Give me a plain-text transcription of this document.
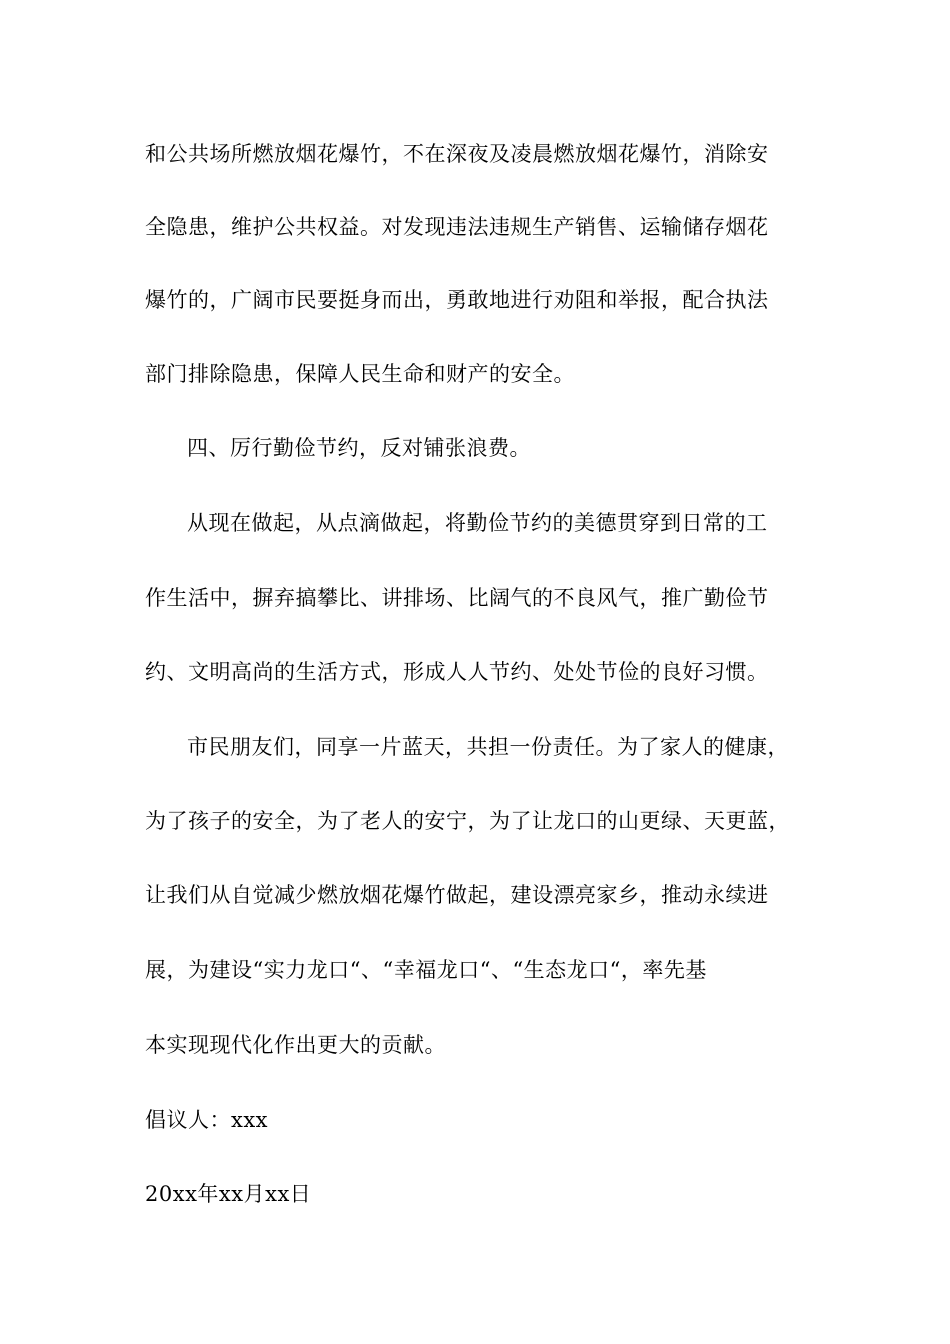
和公共场所燃放烟花爆竹，不在深夜及凌晨燃放烟花爆竹，消除安
全隐患，维护公共权益。对发现违法违规生产销售、运输储存烟花
爆竹的，广阔市民要挺身而出，勇敢地进行劝阻和举报，配合执法
部门排除隐患，保障人民生命和财产的安全。
四、厉行勤俭节约，反对铺张浪费。
从现在做起，从点滴做起，将勤俭节约的美德贯穿到日常的工
作生活中，摒弃搞攀比、讲排场、比阔气的不良风气，推广勤俭节
约、文明高尚的生活方式，形成人人节约、处处节俭的良好习惯。
市民朋友们，同享一片蓝天，共担一份责任。为了家人的健康，
为了孩子的安全，为了老人的安宁，为了让龙口的山更绿、天更蓝，
让我们从自觉减少燃放烟花爆竹做起，建设漂亮家乡，推动永续进
展，为建设“实力龙口“、“幸福龙口“、“生态龙口“，率先基
本实现现代化作出更大的贡献。
倡议人：xxx
20xx年xx月xx日
